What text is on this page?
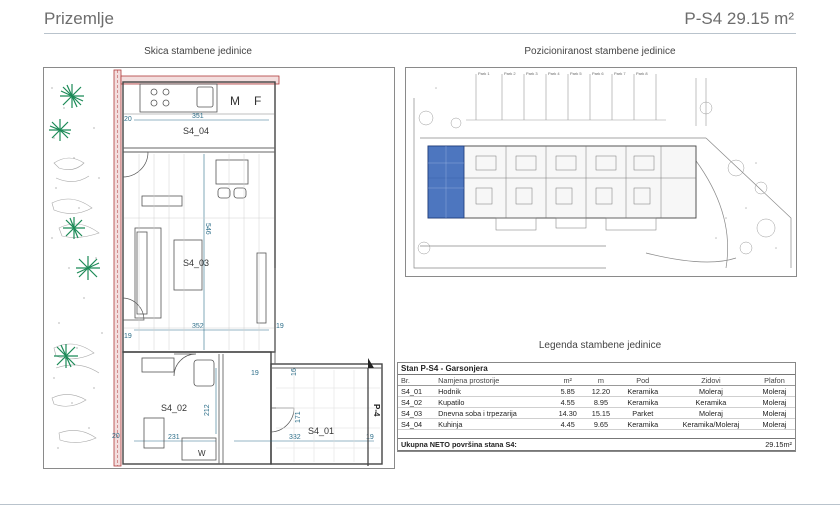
Prizemlje	P-S4 29.15 m²
Skica stambene jedinice	Pozicioniranost stambene jedinice
Legenda stambene jedinice
M F
351
546
352
212
231	332
171
20
19
19
19
20
19	16
W
P-4
S4_04
S4_03
S4_02
S4_01
Park 1	Park 2	Park 3	Park 4	Park 5	Park 6	Park 7	Park 8
Stan P-S4 - Garsonjera						
Br.	Namjena prostorije	m²	m	Pod	Zidovi	Plafon
S4_01	Hodnik	5.85	12.20	Keramika	Moleraj	Moleraj
S4_02	Kupatilo	4.55	8.95	Keramika	Keramika	Moleraj
S4_03	Dnevna soba i trpezarija	14.30	15.15	Parket	Moleraj	Moleraj
S4_04	Kuhinja	4.45	9.65	Keramika	Keramika/Moleraj	Moleraj

Ukupna NETO površina stana S4:					29.15m²	
